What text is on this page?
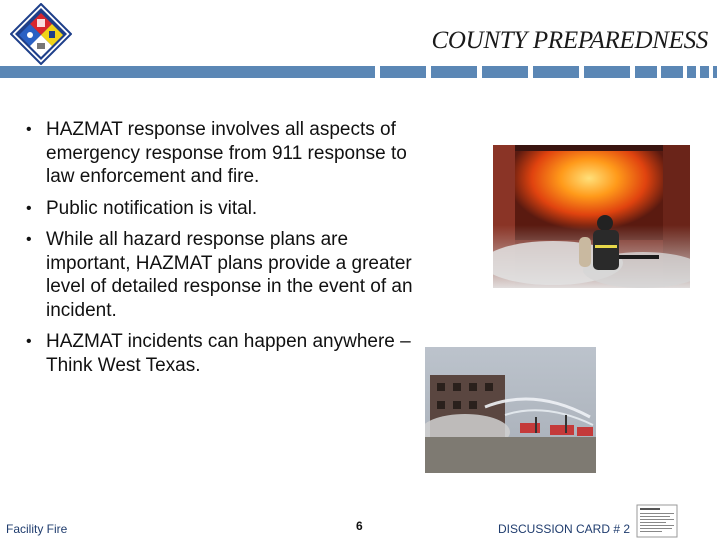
COUNTY PREPAREDNESS
• HAZMAT response involves all aspects of emergency response from 911 response to law enforcement and fire.
• Public notification is vital.
• While all hazard response plans are important, HAZMAT plans provide a greater level of detailed response in the event of an incident.
• HAZMAT incidents can happen anywhere – Think West Texas.
Facility Fire	6	DISCUSSION CARD # 2
